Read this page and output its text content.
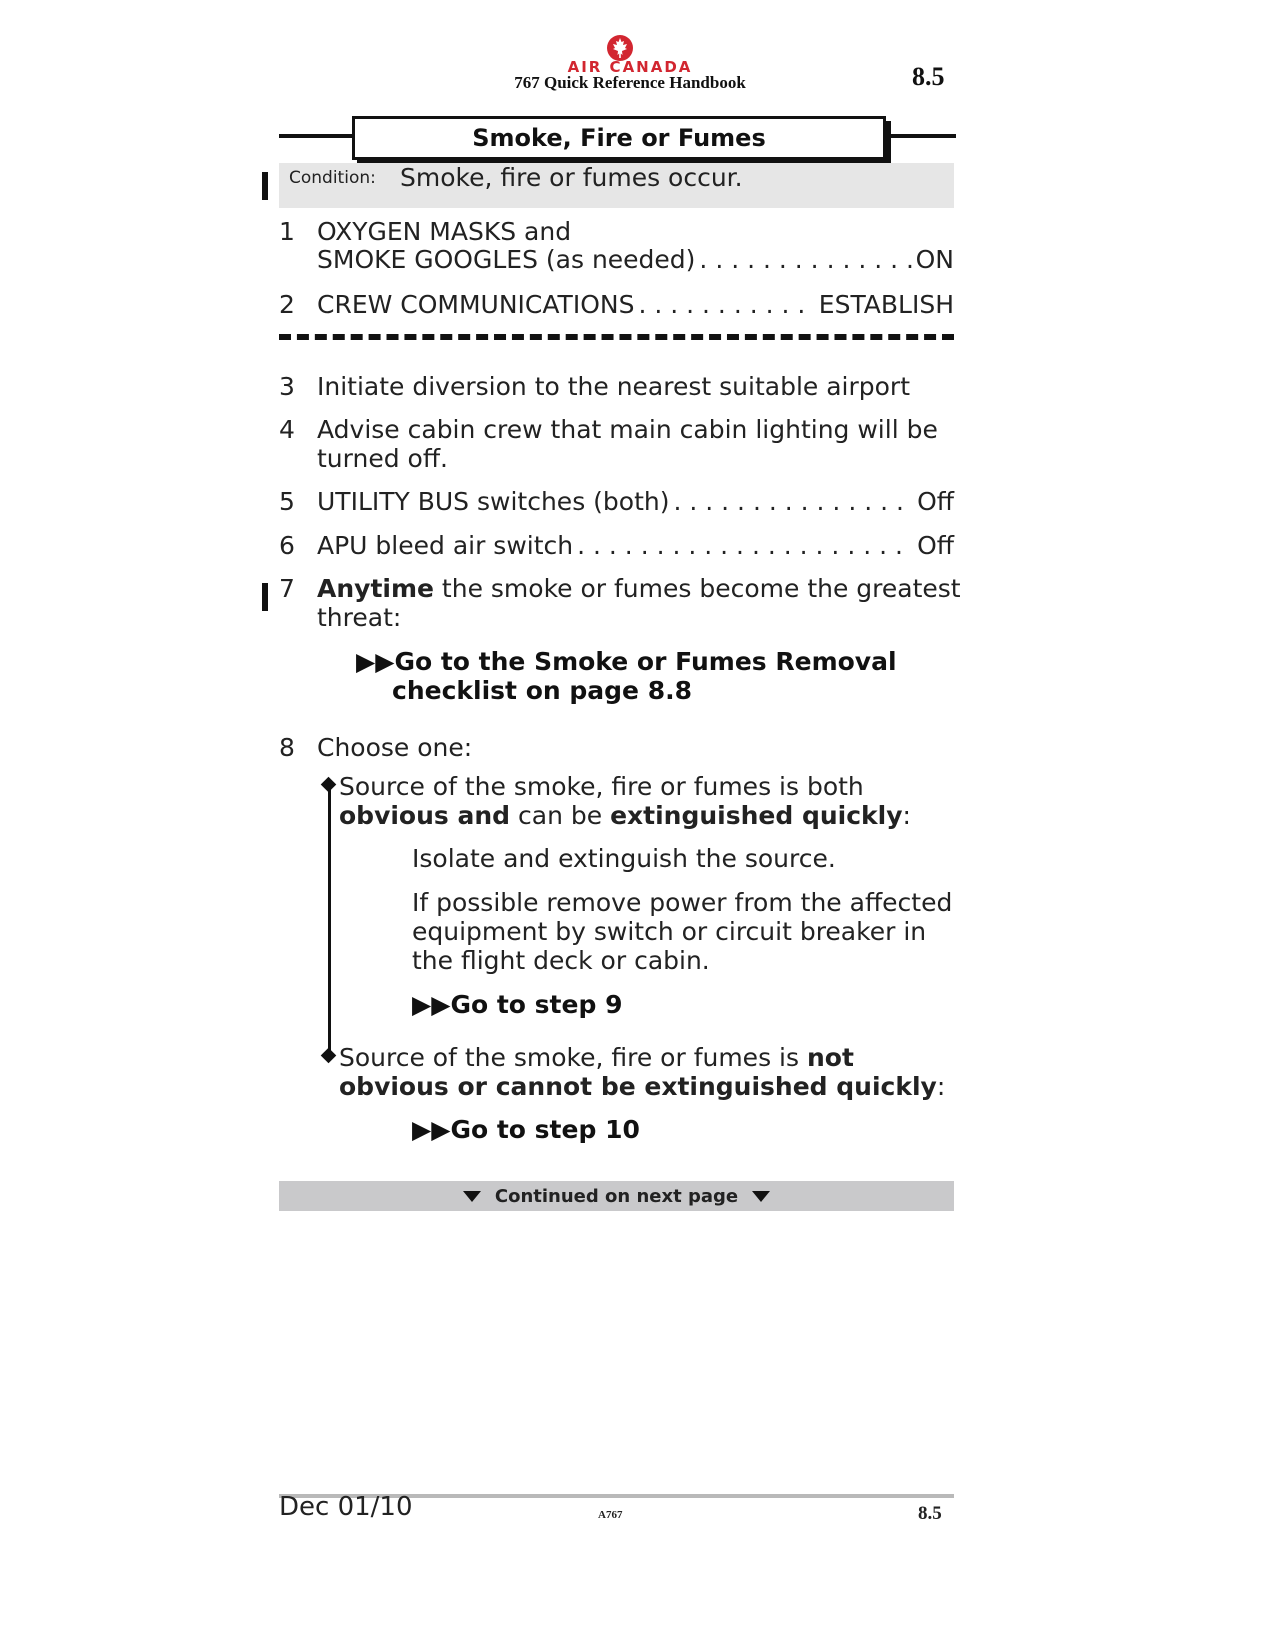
AIR CANADA
767 Quick Reference Handbook	8.5
Smoke, Fire or Fumes
Condition: Smoke, fire or fumes occur.
1 OXYGEN MASKS and
SMOKE GOOGLES (as needed) . . .	ON
2 CREW COMMUNICATIONS . . .	ESTABLISH
3 Initiate diversion to the nearest suitable airport
4 Advise cabin crew that main cabin lighting will be
turned off.
5 UTILITY BUS switches (both) . . .	Off
6 APU bleed air switch . . .	Off
7 Anytime the smoke or fumes become the greatest
threat:
▶▶Go to the Smoke or Fumes Removal
checklist on page 8.8
8 Choose one:
Source of the smoke, fire or fumes is both
obvious and can be extinguished quickly:
Isolate and extinguish the source.
If possible remove power from the affected
equipment by switch or circuit breaker in
the flight deck or cabin.
▶▶Go to step 9
Source of the smoke, fire or fumes is not
obvious or cannot be extinguished quickly:
▶▶Go to step 10
Continued on next page
Dec 01/10	A767	8.5
